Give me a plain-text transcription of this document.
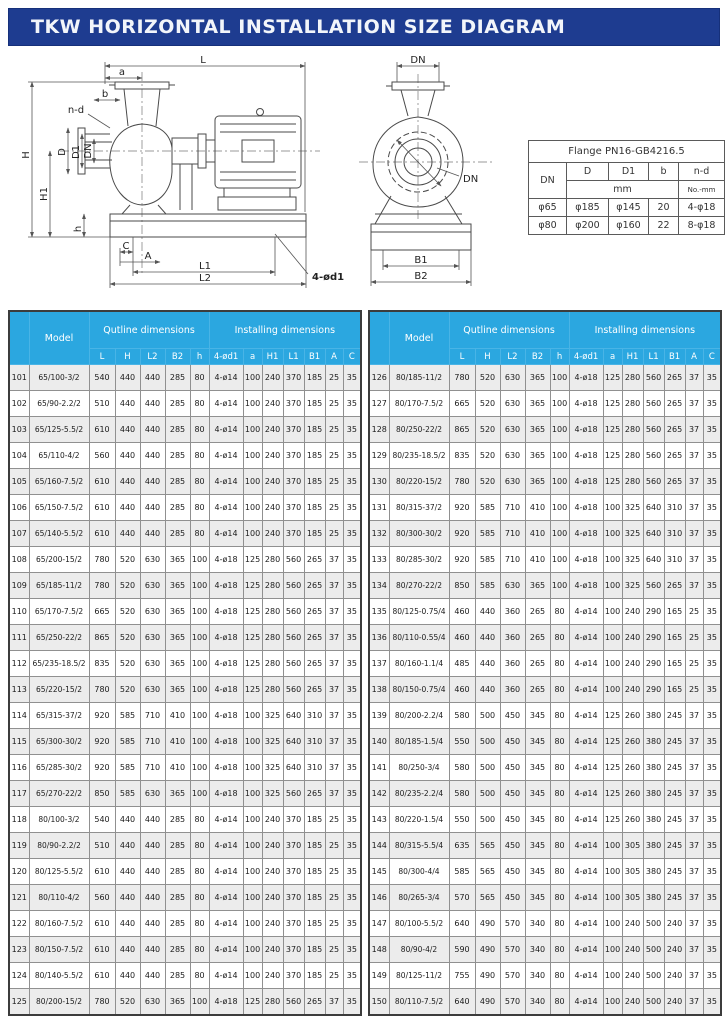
TKW HORIZONTAL INSTALLATION SIZE DIAGRAM
L
a
b
n-d
H
H1
D D1 DN
h
C
A
L1
L2	4-ød1
DN
DN
B1
B2
Flange PN16-GB4216.5				
DN	D	D1	b	n-d
	mm			No.-mm
φ65	φ185	φ145	20	4-φ18
φ80	φ200	φ160	22	8-φ18
	Model	Qutline dimensions					Installing dimensions						
		L	H	L2	B2	h	4-ød1	a	H1	L1	B1	A	C
101	65/100-3/2	540	440	440	285	80	4-ø14	100	240	370	185	25	35
102	65/90-2.2/2	510	440	440	285	80	4-ø14	100	240	370	185	25	35
103	65/125-5.5/2	610	440	440	285	80	4-ø14	100	240	370	185	25	35
104	65/110-4/2	560	440	440	285	80	4-ø14	100	240	370	185	25	35
105	65/160-7.5/2	610	440	440	285	80	4-ø14	100	240	370	185	25	35
106	65/150-7.5/2	610	440	440	285	80	4-ø14	100	240	370	185	25	35
107	65/140-5.5/2	610	440	440	285	80	4-ø14	100	240	370	185	25	35
108	65/200-15/2	780	520	630	365	100	4-ø18	125	280	560	265	37	35
109	65/185-11/2	780	520	630	365	100	4-ø18	125	280	560	265	37	35
110	65/170-7.5/2	665	520	630	365	100	4-ø18	125	280	560	265	37	35
111	65/250-22/2	865	520	630	365	100	4-ø18	125	280	560	265	37	35
112	65/235-18.5/2	835	520	630	365	100	4-ø18	125	280	560	265	37	35
113	65/220-15/2	780	520	630	365	100	4-ø18	125	280	560	265	37	35
114	65/315-37/2	920	585	710	410	100	4-ø18	100	325	640	310	37	35
115	65/300-30/2	920	585	710	410	100	4-ø18	100	325	640	310	37	35
116	65/285-30/2	920	585	710	410	100	4-ø18	100	325	640	310	37	35
117	65/270-22/2	850	585	630	365	100	4-ø18	100	325	560	265	37	35
118	80/100-3/2	540	440	440	285	80	4-ø14	100	240	370	185	25	35
119	80/90-2.2/2	510	440	440	285	80	4-ø14	100	240	370	185	25	35
120	80/125-5.5/2	610	440	440	285	80	4-ø14	100	240	370	185	25	35
121	80/110-4/2	560	440	440	285	80	4-ø14	100	240	370	185	25	35
122	80/160-7.5/2	610	440	440	285	80	4-ø14	100	240	370	185	25	35
123	80/150-7.5/2	610	440	440	285	80	4-ø14	100	240	370	185	25	35
124	80/140-5.5/2	610	440	440	285	80	4-ø14	100	240	370	185	25	35
125	80/200-15/2	780	520	630	365	100	4-ø18	125	280	560	265	37	35
	Model	Qutline dimensions					Installing dimensions						
		L	H	L2	B2	h	4-ød1	a	H1	L1	B1	A	C
126	80/185-11/2	780	520	630	365	100	4-ø18	125	280	560	265	37	35
127	80/170-7.5/2	665	520	630	365	100	4-ø18	125	280	560	265	37	35
128	80/250-22/2	865	520	630	365	100	4-ø18	125	280	560	265	37	35
129	80/235-18.5/2	835	520	630	365	100	4-ø18	125	280	560	265	37	35
130	80/220-15/2	780	520	630	365	100	4-ø18	125	280	560	265	37	35
131	80/315-37/2	920	585	710	410	100	4-ø18	100	325	640	310	37	35
132	80/300-30/2	920	585	710	410	100	4-ø18	100	325	640	310	37	35
133	80/285-30/2	920	585	710	410	100	4-ø18	100	325	640	310	37	35
134	80/270-22/2	850	585	630	365	100	4-ø18	100	325	560	265	37	35
135	80/125-0.75/4	460	440	360	265	80	4-ø14	100	240	290	165	25	35
136	80/110-0.55/4	460	440	360	265	80	4-ø14	100	240	290	165	25	35
137	80/160-1.1/4	485	440	360	265	80	4-ø14	100	240	290	165	25	35
138	80/150-0.75/4	460	440	360	265	80	4-ø14	100	240	290	165	25	35
139	80/200-2.2/4	580	500	450	345	80	4-ø14	125	260	380	245	37	35
140	80/185-1.5/4	550	500	450	345	80	4-ø14	125	260	380	245	37	35
141	80/250-3/4	580	500	450	345	80	4-ø14	125	260	380	245	37	35
142	80/235-2.2/4	580	500	450	345	80	4-ø14	125	260	380	245	37	35
143	80/220-1.5/4	550	500	450	345	80	4-ø14	125	260	380	245	37	35
144	80/315-5.5/4	635	565	450	345	80	4-ø14	100	305	380	245	37	35
145	80/300-4/4	585	565	450	345	80	4-ø14	100	305	380	245	37	35
146	80/265-3/4	570	565	450	345	80	4-ø14	100	305	380	245	37	35
147	80/100-5.5/2	640	490	570	340	80	4-ø14	100	240	500	240	37	35
148	80/90-4/2	590	490	570	340	80	4-ø14	100	240	500	240	37	35
149	80/125-11/2	755	490	570	340	80	4-ø14	100	240	500	240	37	35
150	80/110-7.5/2	640	490	570	340	80	4-ø14	100	240	500	240	37	35
